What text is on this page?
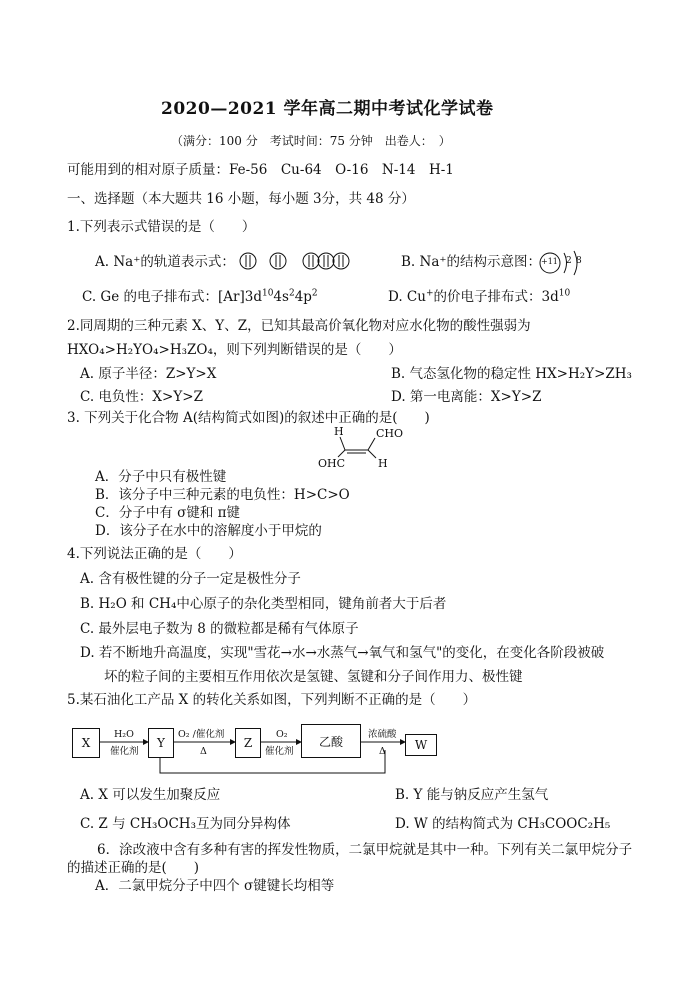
2020—2021 学年高二期中考试化学试卷
（满分：100 分　考试时间：75 分钟　出卷人：　）
可能用到的相对原子质量：Fe-56　Cu-64　O-16　N-14　H-1
一、选择题（本大题共 16 小题，每小题 3分，共 48 分）
1.下列表示式错误的是（　　）
A. Na⁺的轨道表示式：	B. Na⁺的结构示意图： +11 2 8
C. Ge 的电子排布式：$[Ar]3d^{10}4s^24p^2$	D. Cu+的价电子排布式：$3d^{10}$
2.同周期的三种元素 X、Y、Z，已知其最高价氧化物对应水化物的酸性强弱为
HXO₄>H₂YO₄>H₃ZO₄，则下列判断错误的是（　　）
A. 原子半径：Z>Y>X	B. 气态氢化物的稳定性 HX>H₂Y>ZH₃
C. 电负性：X>Y>Z	D. 第一电离能：X>Y>Z
3. 下列关于化合物 A(结构简式如图)的叙述中正确的是(　　)
H	CHO
OHC	H
A．分子中只有极性键
B．该分子中三种元素的电负性：H>C>O
C．分子中有 σ键和 π键
D．该分子在水中的溶解度小于甲烷的
4.下列说法正确的是（　　）
A. 含有极性键的分子一定是极性分子
B. H₂O 和 CH₄中心原子的杂化类型相同，键角前者大于后者
C. 最外层电子数为 8 的微粒都是稀有气体原子
D. 若不断地升高温度，实现"雪花→水→水蒸气→氧气和氢气"的变化，在变化各阶段被破
坏的粒子间的主要相互作用依次是氢键、氢键和分子间作用力、极性键
5.某石油化工产品 X 的转化关系如图，下列判断不正确的是（　　）
X	Y	Z	乙酸	W
H₂O
催化剂
O₂ /催化剂
Δ
O₂
催化剂
浓硫酸
Δ
A. X 可以发生加聚反应	B. Y 能与钠反应产生氢气
C. Z 与 CH₃OCH₃互为同分异构体	D. W 的结构简式为 CH₃COOC₂H₅
6．涂改液中含有多种有害的挥发性物质，二氯甲烷就是其中一种。下列有关二氯甲烷分子
的描述正确的是(　　)
A．二氯甲烷分子中四个 σ键键长均相等
